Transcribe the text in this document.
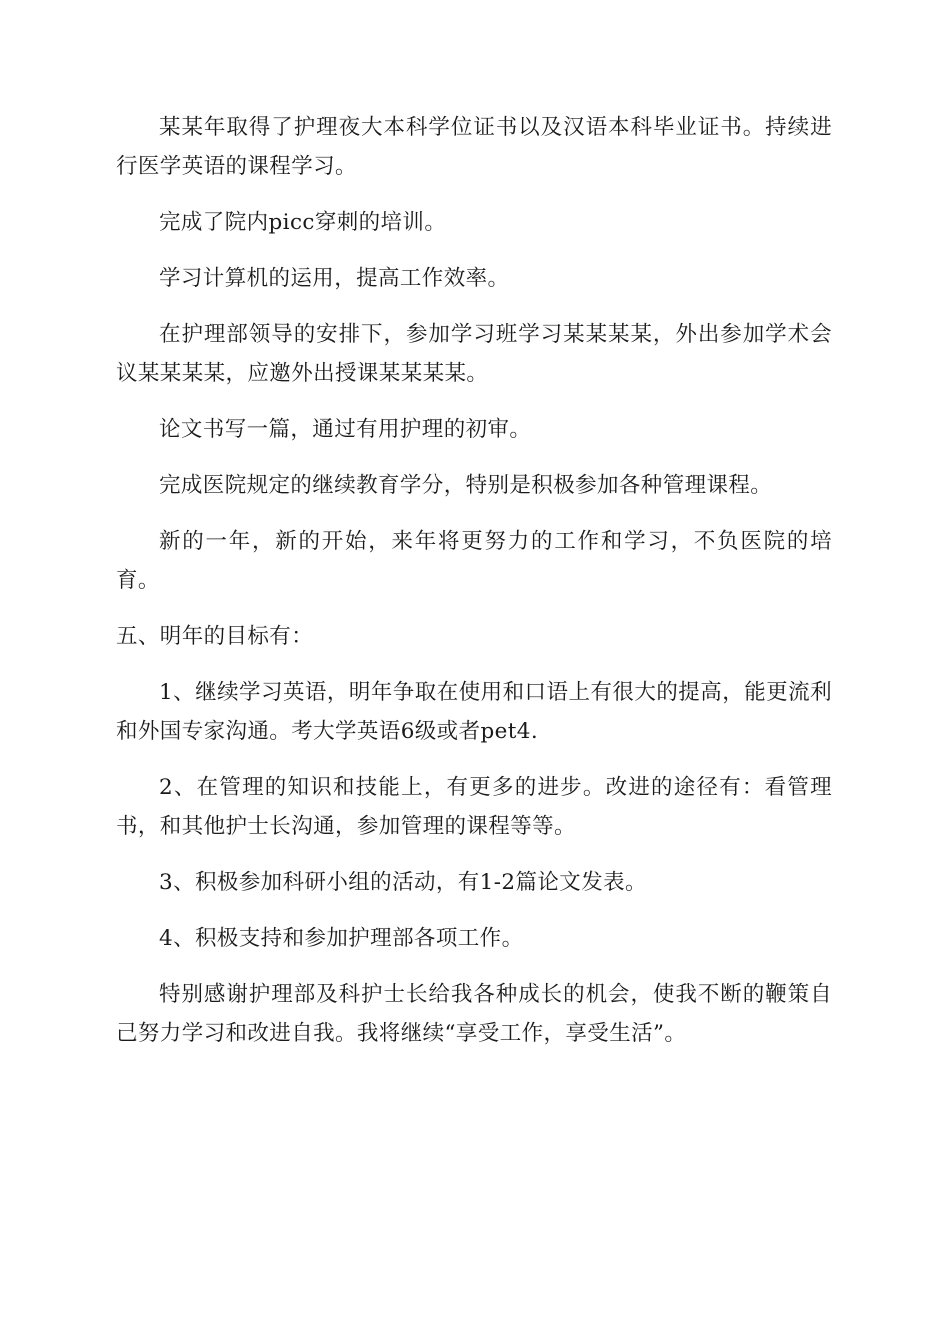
某某年取得了护理夜大本科学位证书以及汉语本科毕业证书。持续进行医学英语的课程学习。

完成了院内picc穿刺的培训。

学习计算机的运用，提高工作效率。

在护理部领导的安排下，参加学习班学习某某某某，外出参加学术会议某某某某，应邀外出授课某某某某。

论文书写一篇，通过有用护理的初审。

完成医院规定的继续教育学分，特别是积极参加各种管理课程。

新的一年，新的开始，来年将更努力的工作和学习，不负医院的培育。

五、明年的目标有：

1、继续学习英语，明年争取在使用和口语上有很大的提高，能更流利和外国专家沟通。考大学英语6级或者pet4.

2、在管理的知识和技能上，有更多的进步。改进的途径有：看管理书，和其他护士长沟通，参加管理的课程等等。

3、积极参加科研小组的活动，有1-2篇论文发表。

4、积极支持和参加护理部各项工作。

特别感谢护理部及科护士长给我各种成长的机会，使我不断的鞭策自己努力学习和改进自我。我将继续“享受工作，享受生活”。
